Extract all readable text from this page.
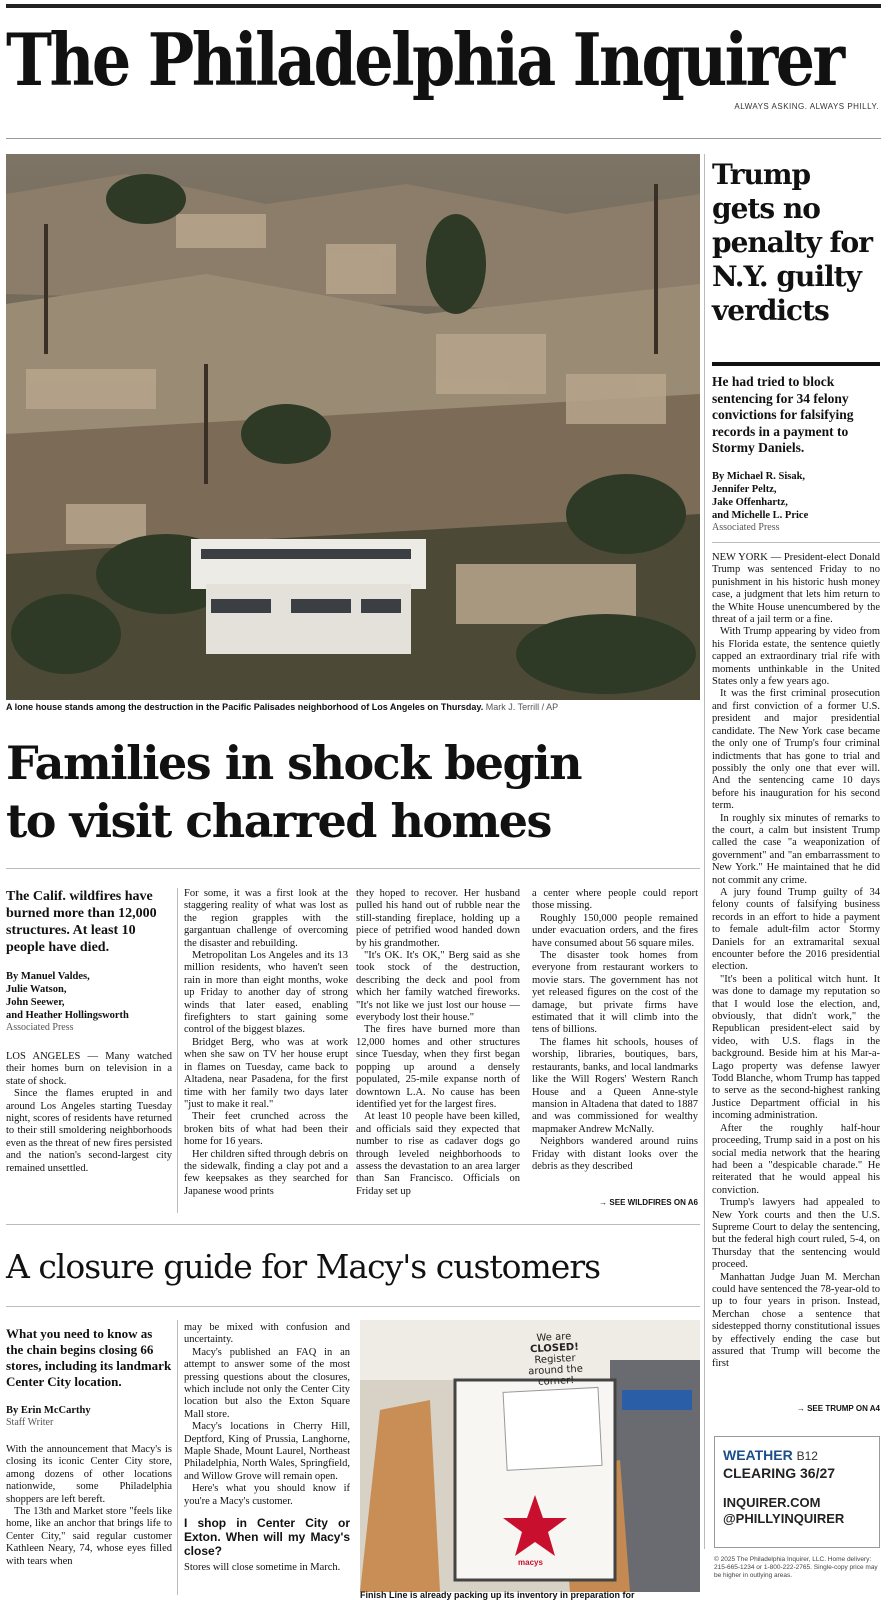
The Philadelphia Inquirer
ALWAYS ASKING. ALWAYS PHILLY.
A lone house stands among the destruction in the Pacific Palisades neighborhood of Los Angeles on Thursday. Mark J. Terrill / AP
Families in shock begin
to visit charred homes
The Calif. wildfires have burned more than 12,000 structures. At least 10 people have died.
By Manuel Valdes,
Julie Watson,
John Seewer,
and Heather Hollingsworth
Associated Press

LOS ANGELES — Many watched their homes burn on television in a state of shock.

Since the flames erupted in and around Los Angeles starting Tuesday night, scores of residents have returned to their still smoldering neighborhoods even as the threat of new fires persisted and the nation's second-largest city remained unsettled.

For some, it was a first look at the staggering reality of what was lost as the region grapples with the gargantuan challenge of overcoming the disaster and rebuilding.

Metropolitan Los Angeles and its 13 million residents, who haven't seen rain in more than eight months, woke up Friday to another day of strong winds that later eased, enabling firefighters to start gaining some control of the biggest blazes.

Bridget Berg, who was at work when she saw on TV her house erupt in flames on Tuesday, came back to Altadena, near Pasadena, for the first time with her family two days later "just to make it real."

Their feet crunched across the broken bits of what had been their home for 16 years.

Her children sifted through debris on the sidewalk, finding a clay pot and a few keepsakes as they searched for Japanese wood prints

they hoped to recover. Her husband pulled his hand out of rubble near the still-standing fireplace, holding up a piece of petrified wood handed down by his grandmother.

"It's OK. It's OK," Berg said as she took stock of the destruction, describing the deck and pool from which her family watched fireworks. "It's not like we just lost our house — everybody lost their house."

The fires have burned more than 12,000 homes and other structures since Tuesday, when they first began popping up around a densely populated, 25-mile expanse north of downtown L.A. No cause has been identified yet for the largest fires.

At least 10 people have been killed, and officials said they expected that number to rise as cadaver dogs go through leveled neighborhoods to assess the devastation to an area larger than San Francisco. Officials on Friday set up

a center where people could report those missing.

Roughly 150,000 people remained under evacuation orders, and the fires have consumed about 56 square miles.

The disaster took homes from everyone from restaurant workers to movie stars. The government has not yet released figures on the cost of the damage, but private firms have estimated that it will climb into the tens of billions.

The flames hit schools, houses of worship, libraries, boutiques, bars, restaurants, banks, and local landmarks like the Will Rogers' Western Ranch House and a Queen Anne-style mansion in Altadena that dated to 1887 and was commissioned for wealthy mapmaker Andrew McNally.

Neighbors wandered around ruins Friday with distant looks over the debris as they described

→ SEE WILDFIRES ON A6
Trump gets no penalty for N.Y. guilty verdicts
He had tried to block sentencing for 34 felony convictions for falsifying records in a payment to Stormy Daniels.
By Michael R. Sisak,
Jennifer Peltz,
Jake Offenhartz,
and Michelle L. Price
Associated Press

NEW YORK — President-elect Donald Trump was sentenced Friday to no punishment in his historic hush money case, a judgment that lets him return to the White House unencumbered by the threat of a jail term or a fine.

With Trump appearing by video from his Florida estate, the sentence quietly capped an extraordinary trial rife with moments unthinkable in the United States only a few years ago.

It was the first criminal prosecution and first conviction of a former U.S. president and major presidential candidate. The New York case became the only one of Trump's four criminal indictments that has gone to trial and possibly the only one that ever will. And the sentencing came 10 days before his inauguration for his second term.

In roughly six minutes of remarks to the court, a calm but insistent Trump called the case "a weaponization of government" and "an embarrassment to New York." He maintained that he did not commit any crime.

A jury found Trump guilty of 34 felony counts of falsifying business records in an effort to hide a payment to female adult-film actor Stormy Daniels for an extramarital sexual encounter before the 2016 presidential election.

"It's been a political witch hunt. It was done to damage my reputation so that I would lose the election, and, obviously, that didn't work," the Republican president-elect said by video, with U.S. flags in the background. Beside him at his Mar-a-Lago property was defense lawyer Todd Blanche, whom Trump has tapped to serve as the second-highest ranking Justice Department official in his incoming administration.

After the roughly half-hour proceeding, Trump said in a post on his social media network that the hearing had been a "despicable charade." He reiterated that he would appeal his conviction.

Trump's lawyers had appealed to New York courts and then the U.S. Supreme Court to delay the sentencing, but the federal high court ruled, 5-4, on Thursday that the sentencing would proceed.

Manhattan Judge Juan M. Merchan could have sentenced the 78-year-old to up to four years in prison. Instead, Merchan chose a sentence that sidestepped thorny constitutional issues by effectively ending the case but assured that Trump will become the first

→ SEE TRUMP ON A4
A closure guide for Macy's customers
What you need to know as the chain begins closing 66 stores, including its landmark Center City location.
By Erin McCarthy
Staff Writer

With the announcement that Macy's is closing its iconic Center City store, among dozens of other locations nationwide, some Philadelphia shoppers are left bereft.

The 13th and Market store "feels like home, like an anchor that brings life to Center City," said regular customer Kathleen Neary, 74, whose eyes filled with tears when

may be mixed with confusion and uncertainty.

Macy's published an FAQ in an attempt to answer some of the most pressing questions about the closures, which include not only the Center City location but also the Exton Square Mall store.

Macy's locations in Cherry Hill, Deptford, King of Prussia, Langhorne, Maple Shade, Mount Laurel, Northeast Philadelphia, North Wales, Springfield, and Willow Grove will remain open.

Here's what you should know if you're a Macy's customer.

I shop in Center City or Exton. When will my Macy's close?

Stores will close sometime in March.

We are
CLOSED!
Register
around the
corner!
macys
Finish Line is already packing up its inventory in preparation for
WEATHER B12
CLEARING 36/27
INQUIRER.COM
@PHILLYINQUIRER
© 2025 The Philadelphia Inquirer, LLC. Home delivery: 215-665-1234 or 1-800-222-2765. Single-copy price may be higher in outlying areas.
